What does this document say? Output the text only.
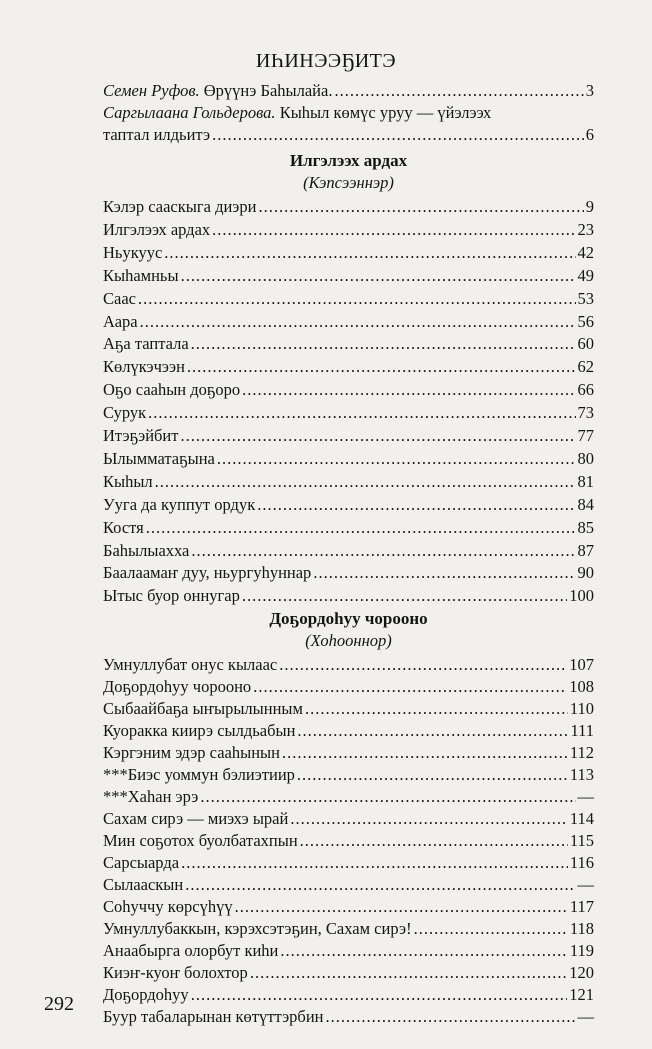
ИҺИНЭЭҔИТЭ
Семен Руфов. Өрүүнэ Баһылайа. .....	3
Саргылаана Гольдерова. Кыһыл көмүс уруу — үйэлээх
таптал илдьитэ .....	6
Илгэлээх ардах
(Кэпсээннэр)
Кэлэр сааскыга диэри .....	9
Илгэлээх ардах .....	23
Ньукуус .....	42
Кыһамньы .....	49
Саас .....	53
Аара .....	56
Аҕа таптала .....	60
Көлүкэчээн .....	62
Оҕо сааһын доҕоро .....	66
Сурук .....	73
Итэҕэйбит .....	77
Ылымматаҕына .....	80
Кыһыл .....	81
Ууга да куппут ордук .....	84
Костя .....	85
Баһылыахха .....	87
Баалаамаҥ дуу, ньургуһуннар .....	90
Ытыс буор оннугар .....	100
Доҕордоһуу чорооно
(Хоһооннор)
Умнуллубат онус кылаас .....	107
Доҕордоһуу чорооно .....	108
Сыбаайбаҕа ыҥырылынным .....	110
Куоракка киирэ сылдьабын .....	111
Кэргэним эдэр сааһынын .....	112
***Биэс уоммун бэлиэтиир .....	113
***Хаһан эрэ .....	—
Сахам сирэ — миэхэ ырай .....	114
Мин соҕотох буолбатахпын .....	115
Сарсыарда .....	116
Сылааскын .....	—
Соһуччу көрсүһүү .....	117
Умнуллубаккын, кэрэхсэтэҕин, Сахам сирэ! .....	118
Анаабырга олорбут киһи .....	119
Киэҥ-куоҥ болохтор .....	120
Доҕордоһуу .....	121
Буур табаларынан көтүттэрбин .....	—
292
